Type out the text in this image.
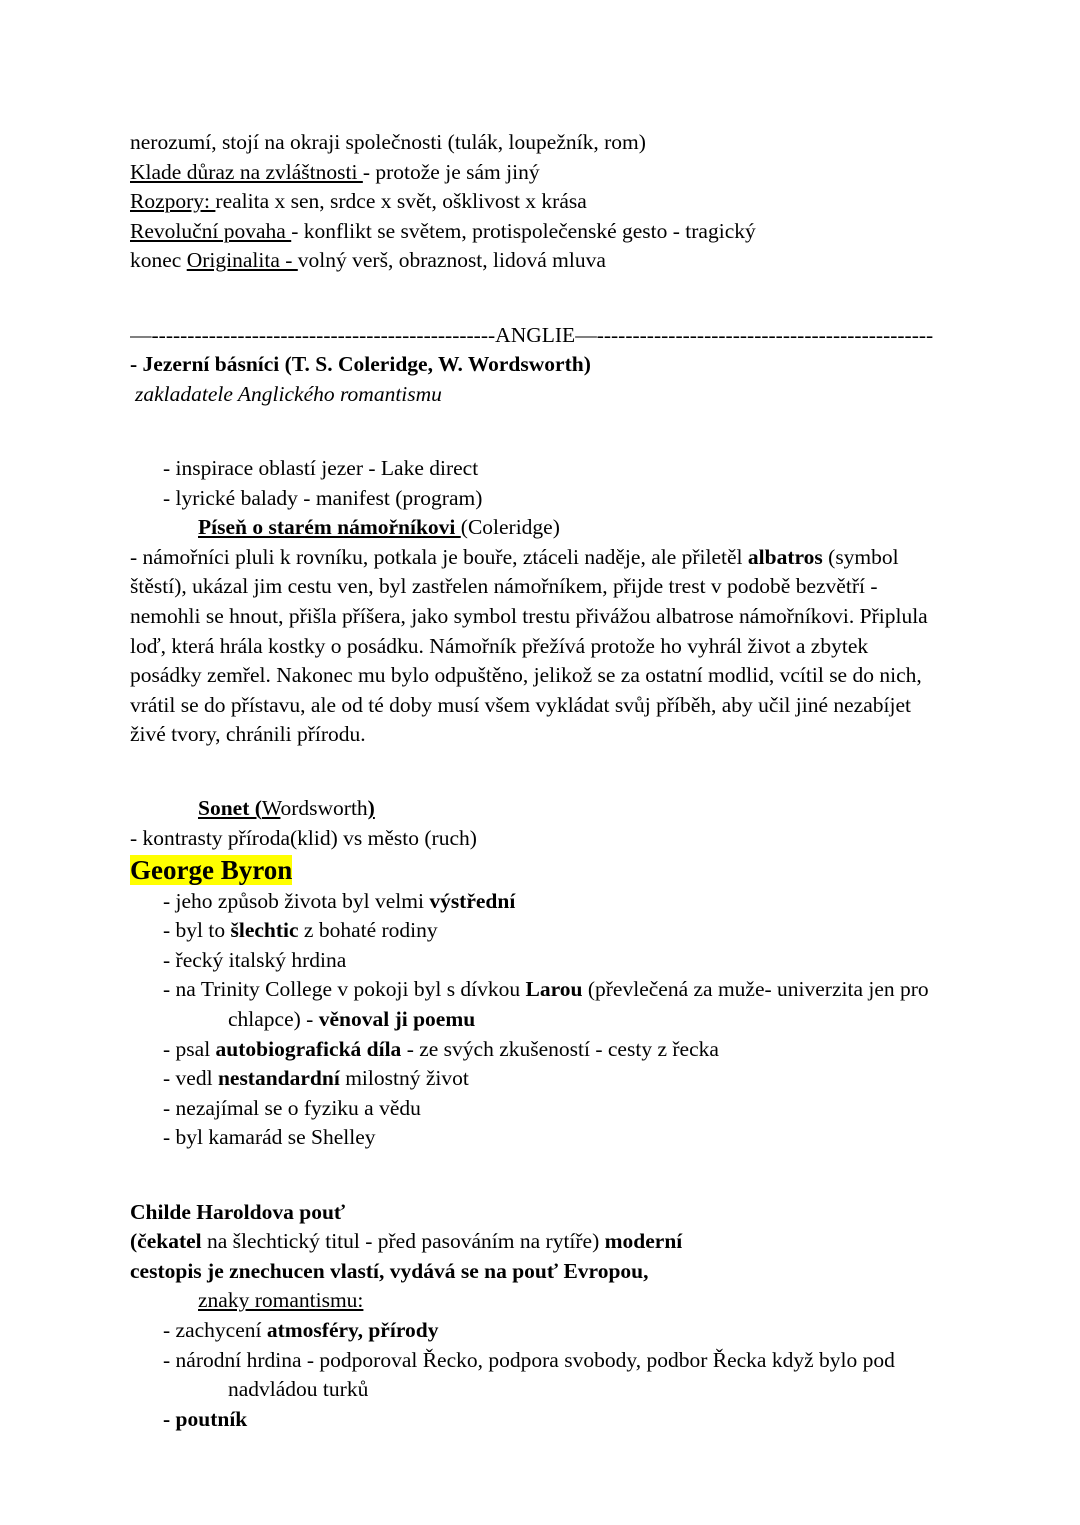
nerozumí, stojí na okraji společnosti (tulák, loupežník, rom)

Klade důraz na zvláštnosti - protože je sám jiný

Rozpory: realita x sen, srdce x svět, ošklivost x krása

Revoluční povaha - konflikt se světem, protispolečenské gesto - tragický

konec Originalita - volný verš, obraznost, lidová mluva

—------------------------------------------------ANGLIE—-----------------------------------------------

- Jezerní básníci (T. S. Coleridge, W. Wordsworth)

zakladatele Anglického romantismu

- inspirace oblastí jezer - Lake direct

- lyrické balady - manifest (program)

Píseň o starém námořníkovi (Coleridge)

- námořníci pluli k rovníku, potkala je bouře, ztáceli naděje, ale přiletěl albatros (symbol štěstí), ukázal jim cestu ven, byl zastřelen námořníkem, přijde trest v podobě bezvětří - nemohli se hnout, přišla příšera, jako symbol trestu přivážou albatrose námořníkovi. Připlula loď, která hrála kostky o posádku. Námořník přežívá protože ho vyhrál život a zbytek posádky zemřel. Nakonec mu bylo odpuštěno, jelikož se za ostatní modlid, vcítil se do nich, vrátil se do přístavu, ale od té doby musí všem vykládat svůj příběh, aby učil jiné nezabíjet živé tvory, chránili přírodu.

Sonet (Wordsworth)

- kontrasty příroda(klid) vs město (ruch)

George Byron

- jeho způsob života byl velmi výstřední

- byl to šlechtic z bohaté rodiny

- řecký italský hrdina

- na Trinity College v pokoji byl s dívkou Larou (převlečená za muže- univerzita jen pro chlapce) - věnoval ji poemu

- psal autobiografická díla - ze svých zkušeností - cesty z řecka

- vedl nestandardní milostný život

- nezajímal se o fyziku a vědu

- byl kamarád se Shelley

Childe Haroldova pouť

(čekatel na šlechtický titul - před pasováním na rytíře) moderní

cestopis je znechucen vlastí, vydává se na pouť Evropou,

znaky romantismu:

- zachycení atmosféry, přírody

- národní hrdina - podporoval Řecko, podpora svobody, podbor Řecka když bylo pod nadvládou turků

- poutník
